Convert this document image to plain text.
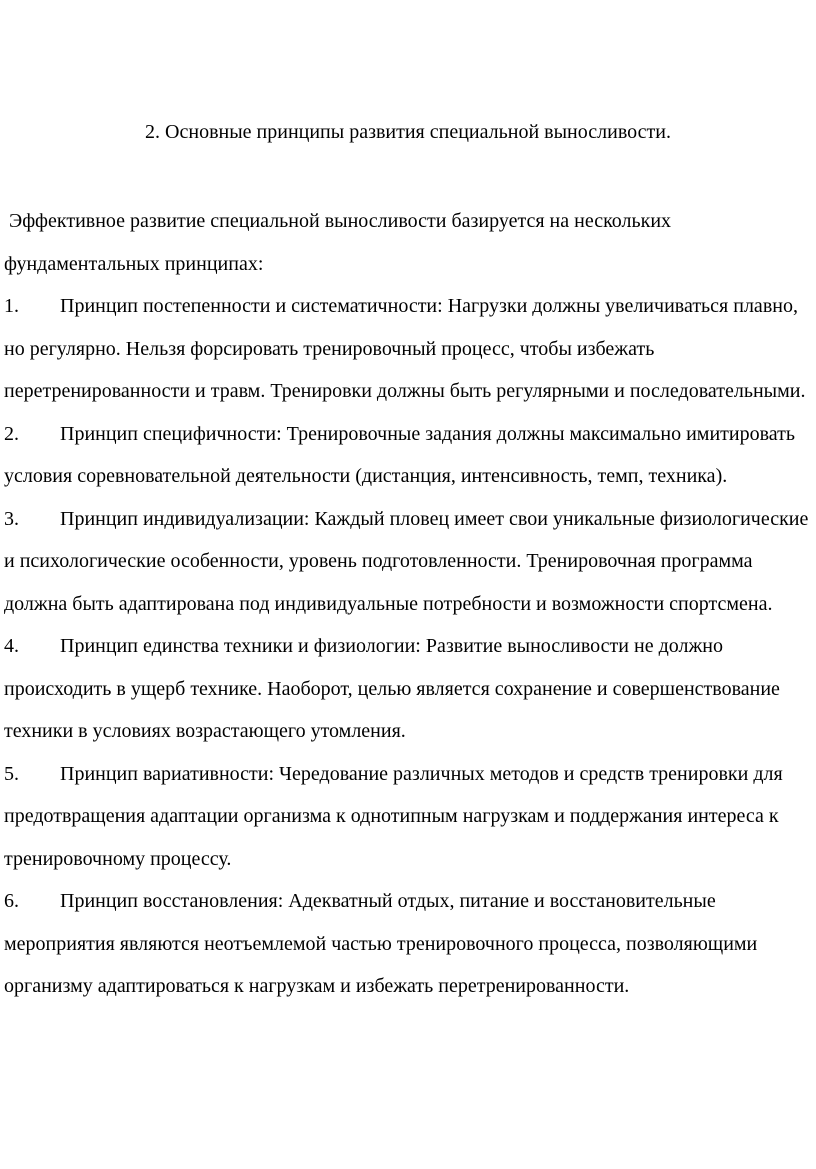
2. Основные принципы развития специальной выносливости.

Эффективное развитие специальной выносливости базируется на нескольких фундаментальных принципах:

1. Принцип постепенности и систематичности: Нагрузки должны увеличиваться плавно, но регулярно. Нельзя форсировать тренировочный процесс, чтобы избежать перетренированности и травм. Тренировки должны быть регулярными и последовательными.

2. Принцип специфичности: Тренировочные задания должны максимально имитировать условия соревновательной деятельности (дистанция, интенсивность, темп, техника).

3. Принцип индивидуализации: Каждый пловец имеет свои уникальные физиологические и психологические особенности, уровень подготовленности. Тренировочная программа должна быть адаптирована под индивидуальные потребности и возможности спортсмена.

4. Принцип единства техники и физиологии: Развитие выносливости не должно происходить в ущерб технике. Наоборот, целью является сохранение и совершенствование техники в условиях возрастающего утомления.

5. Принцип вариативности: Чередование различных методов и средств тренировки для предотвращения адаптации организма к однотипным нагрузкам и поддержания интереса к тренировочному процессу.

6. Принцип восстановления: Адекватный отдых, питание и восстановительные мероприятия являются неотъемлемой частью тренировочного процесса, позволяющими организму адаптироваться к нагрузкам и избежать перетренированности.
